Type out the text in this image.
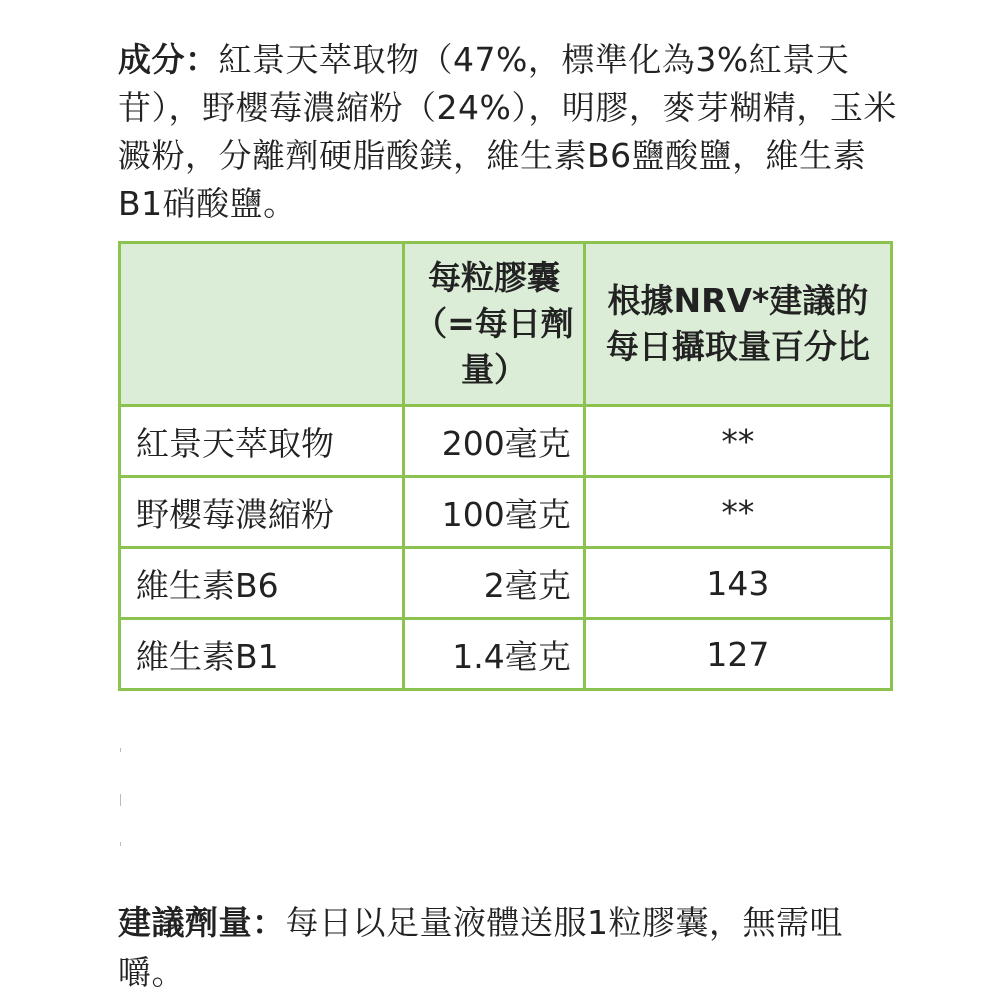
成分：紅景天萃取物（47%，標準化為3%紅景天苷），野櫻莓濃縮粉（24%），明膠，麥芽糊精，玉米澱粉，分離劑硬脂酸鎂，維生素B6鹽酸鹽，維生素B1硝酸鹽。

	每粒膠囊（=每日劑量）	根據NRV*建議的每日攝取量百分比

紅景天萃取物	200毫克	**
野櫻莓濃縮粉	100毫克	**
維生素B6	2毫克	143
維生素B1	1.4毫克	127
建議劑量：每日以足量液體送服1粒膠囊，無需咀嚼。
